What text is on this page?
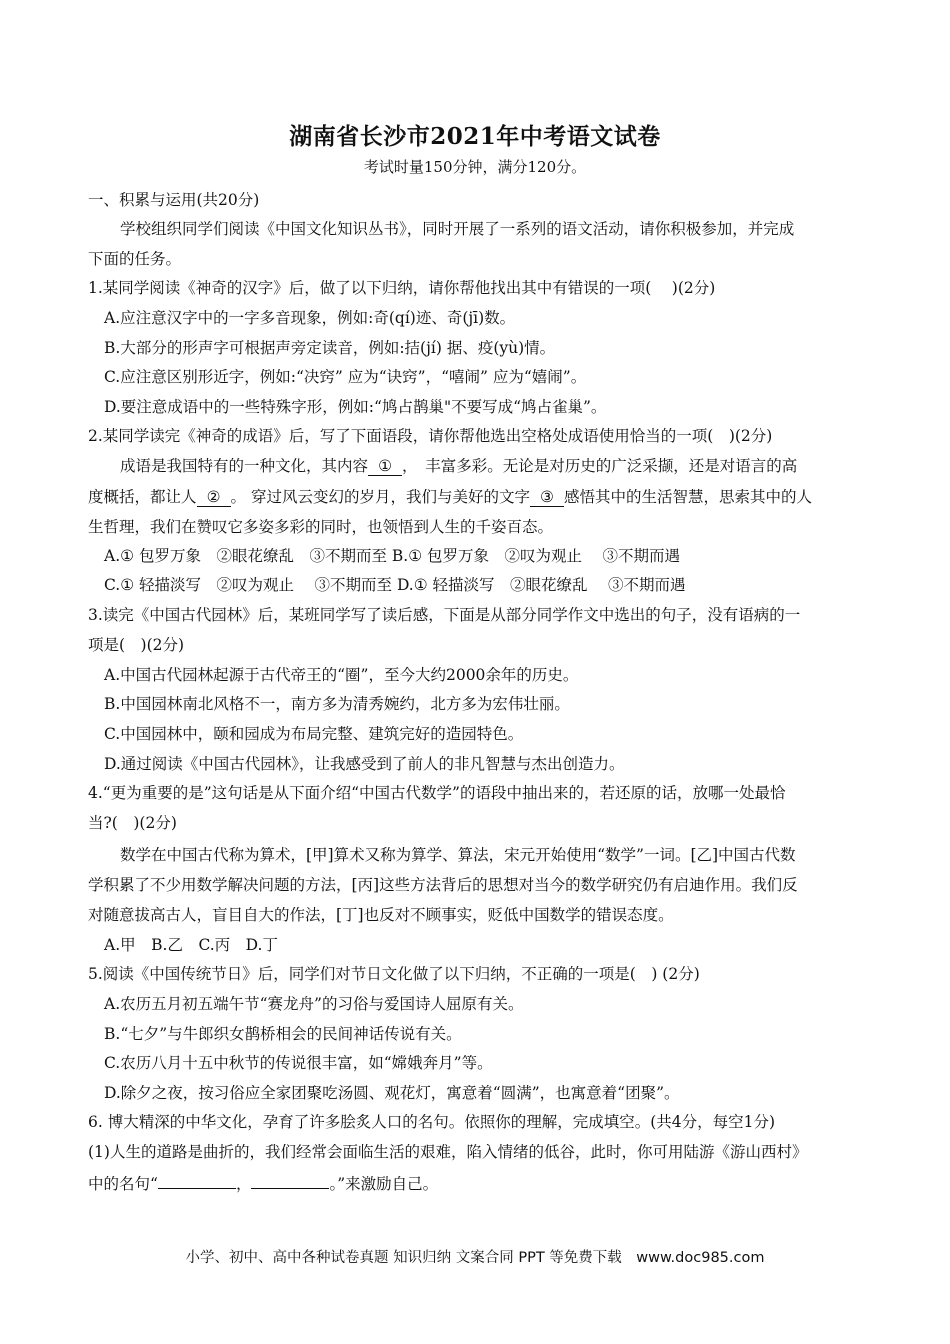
湖南省长沙市2021年中考语文试卷
考试时量150分钟，满分120分。
一、积累与运用(共20分)
学校组织同学们阅读《中国文化知识丛书》，同时开展了一系列的语文活动，请你积极参加，并完成
下面的任务。
1.某同学阅读《神奇的汉字》后，做了以下归纳，请你帮他找出其中有错误的一项(　 )(2分)
A.应注意汉字中的一字多音现象，例如:奇(qí)迹、奇(jī)数。
B.大部分的形声字可根据声旁定读音，例如:拮(jí) 据、疫(yù)情。
C.应注意区别形近字，例如:“决窍” 应为“诀窍”，“嘻闹” 应为“嬉闹”。
D.要注意成语中的一些特殊字形，例如:“鸠占鹊巢"不要写成“鸠占雀巢”。
2.某同学读完《神奇的成语》后，写了下面语段，请你帮他选出空格处成语使用恰当的一项(　)(2分)
成语是我国特有的一种文化，其内容 ① ，　丰富多彩。无论是对历史的广泛采撷，还是对语言的高
度概括，都让人 ② 。 穿过风云变幻的岁月，我们与美好的文字 ③ 感悟其中的生活智慧，思索其中的人
生哲理，我们在赞叹它多姿多彩的同时，也领悟到人生的千姿百态。
A.① 包罗万象　②眼花缭乱　③不期而至 B.① 包罗万象　②叹为观止　 ③不期而遇
C.① 轻描淡写　②叹为观止　 ③不期而至 D.① 轻描淡写　②眼花缭乱　 ③不期而遇
3.读完《中国古代园林》后，某班同学写了读后感，下面是从部分同学作文中选出的句子，没有语病的一
项是(　)(2分)
A.中国古代园林起源于古代帝王的“圈”，至今大约2000余年的历史。
B.中国园林南北风格不一，南方多为清秀婉约，北方多为宏伟壮丽。
C.中国园林中，颐和园成为布局完整、建筑完好的造园特色。
D.通过阅读《中国古代园林》，让我感受到了前人的非凡智慧与杰出创造力。
4.“更为重要的是”这句话是从下面介绍“中国古代数学”的语段中抽出来的，若还原的话，放哪一处最恰
当?(　)(2分)
数学在中国古代称为算术，[甲]算术又称为算学、算法，宋元开始使用“数学”一词。[乙]中国古代数
学积累了不少用数学解决问题的方法，[丙]这些方法背后的思想对当今的数学研究仍有启迪作用。我们反
对随意拔高古人，盲目自大的作法，[丁]也反对不顾事实，贬低中国数学的错误态度。
A.甲　B.乙　C.丙　D.丁
5.阅读《中国传统节日》后，同学们对节日文化做了以下归纳，不正确的一项是(　) (2分)
A.农历五月初五端午节“赛龙舟”的习俗与爱国诗人屈原有关。
B.“七夕”与牛郎织女鹊桥相会的民间神话传说有关。
C.农历八月十五中秋节的传说很丰富，如“嫦娥奔月”等。
D.除夕之夜，按习俗应全家团聚吃汤圆、观花灯，寓意着“圆满”，也寓意着“团聚”。
6. 博大精深的中华文化，孕育了许多脍炙人口的名句。依照你的理解，完成填空。(共4分，每空1分)
(1)人生的道路是曲折的，我们经常会面临生活的艰难，陷入情绪的低谷，此时，你可用陆游《游山西村》
中的名句“	，	。”来激励自己。
小学、初中、高中各种试卷真题 知识归纳 文案合同 PPT 等免费下载　www.doc985.com
